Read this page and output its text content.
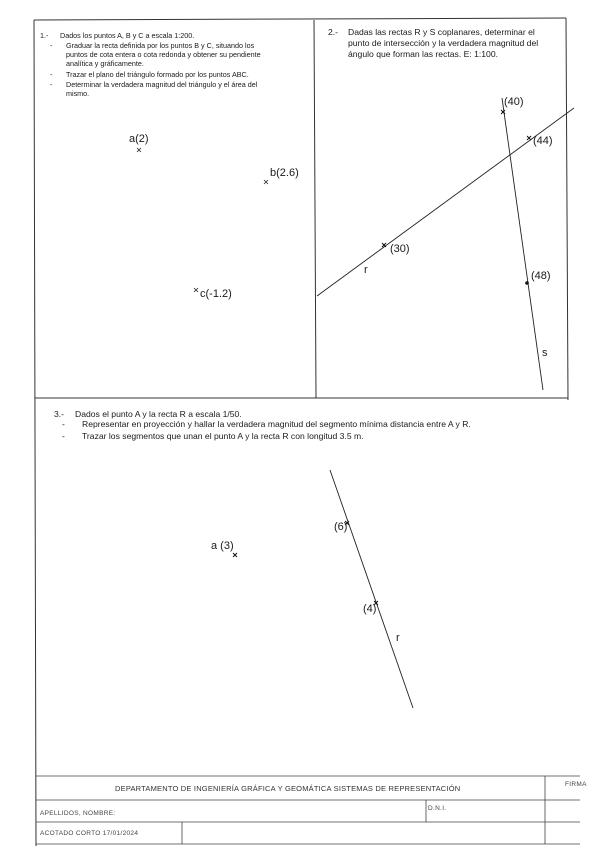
1.- Dados los puntos A, B y C a escala 1:200.
- Graduar la recta definida por los puntos B y C, situando los
puntos de cota entera o cota redonda y obtener su pendiente
analítica y gráficamente.
- Trazar el plano del triángulo formado por los puntos ABC.
- Determinar la verdadera magnitud del triángulo y el área del
mismo.
a(2)
b(2.6)
c(-1.2)
2.- Dadas las rectas R y S coplanares, determinar el
punto de intersección y la verdadera magnitud del
ángulo que forman las rectas. E: 1:100.
(40)
(44)
(30)
(48)
r
s
3.- Dados el punto A y la recta R a escala 1/50.
- Representar en proyección y hallar la verdadera magnitud del segmento mínima distancia entre A y R.
- Trazar los segmentos que unan el punto A y la recta R con longitud 3.5 m.
a (3)
(6)
(4)
r
DEPARTAMENTO DE INGENIERÍA GRÁFICA Y GEOMÁTICA SISTEMAS DE REPRESENTACIÓN	FIRMA
APELLIDOS, NOMBRE:
D.N.I.
ACOTADO CORTO 17/01/2024
